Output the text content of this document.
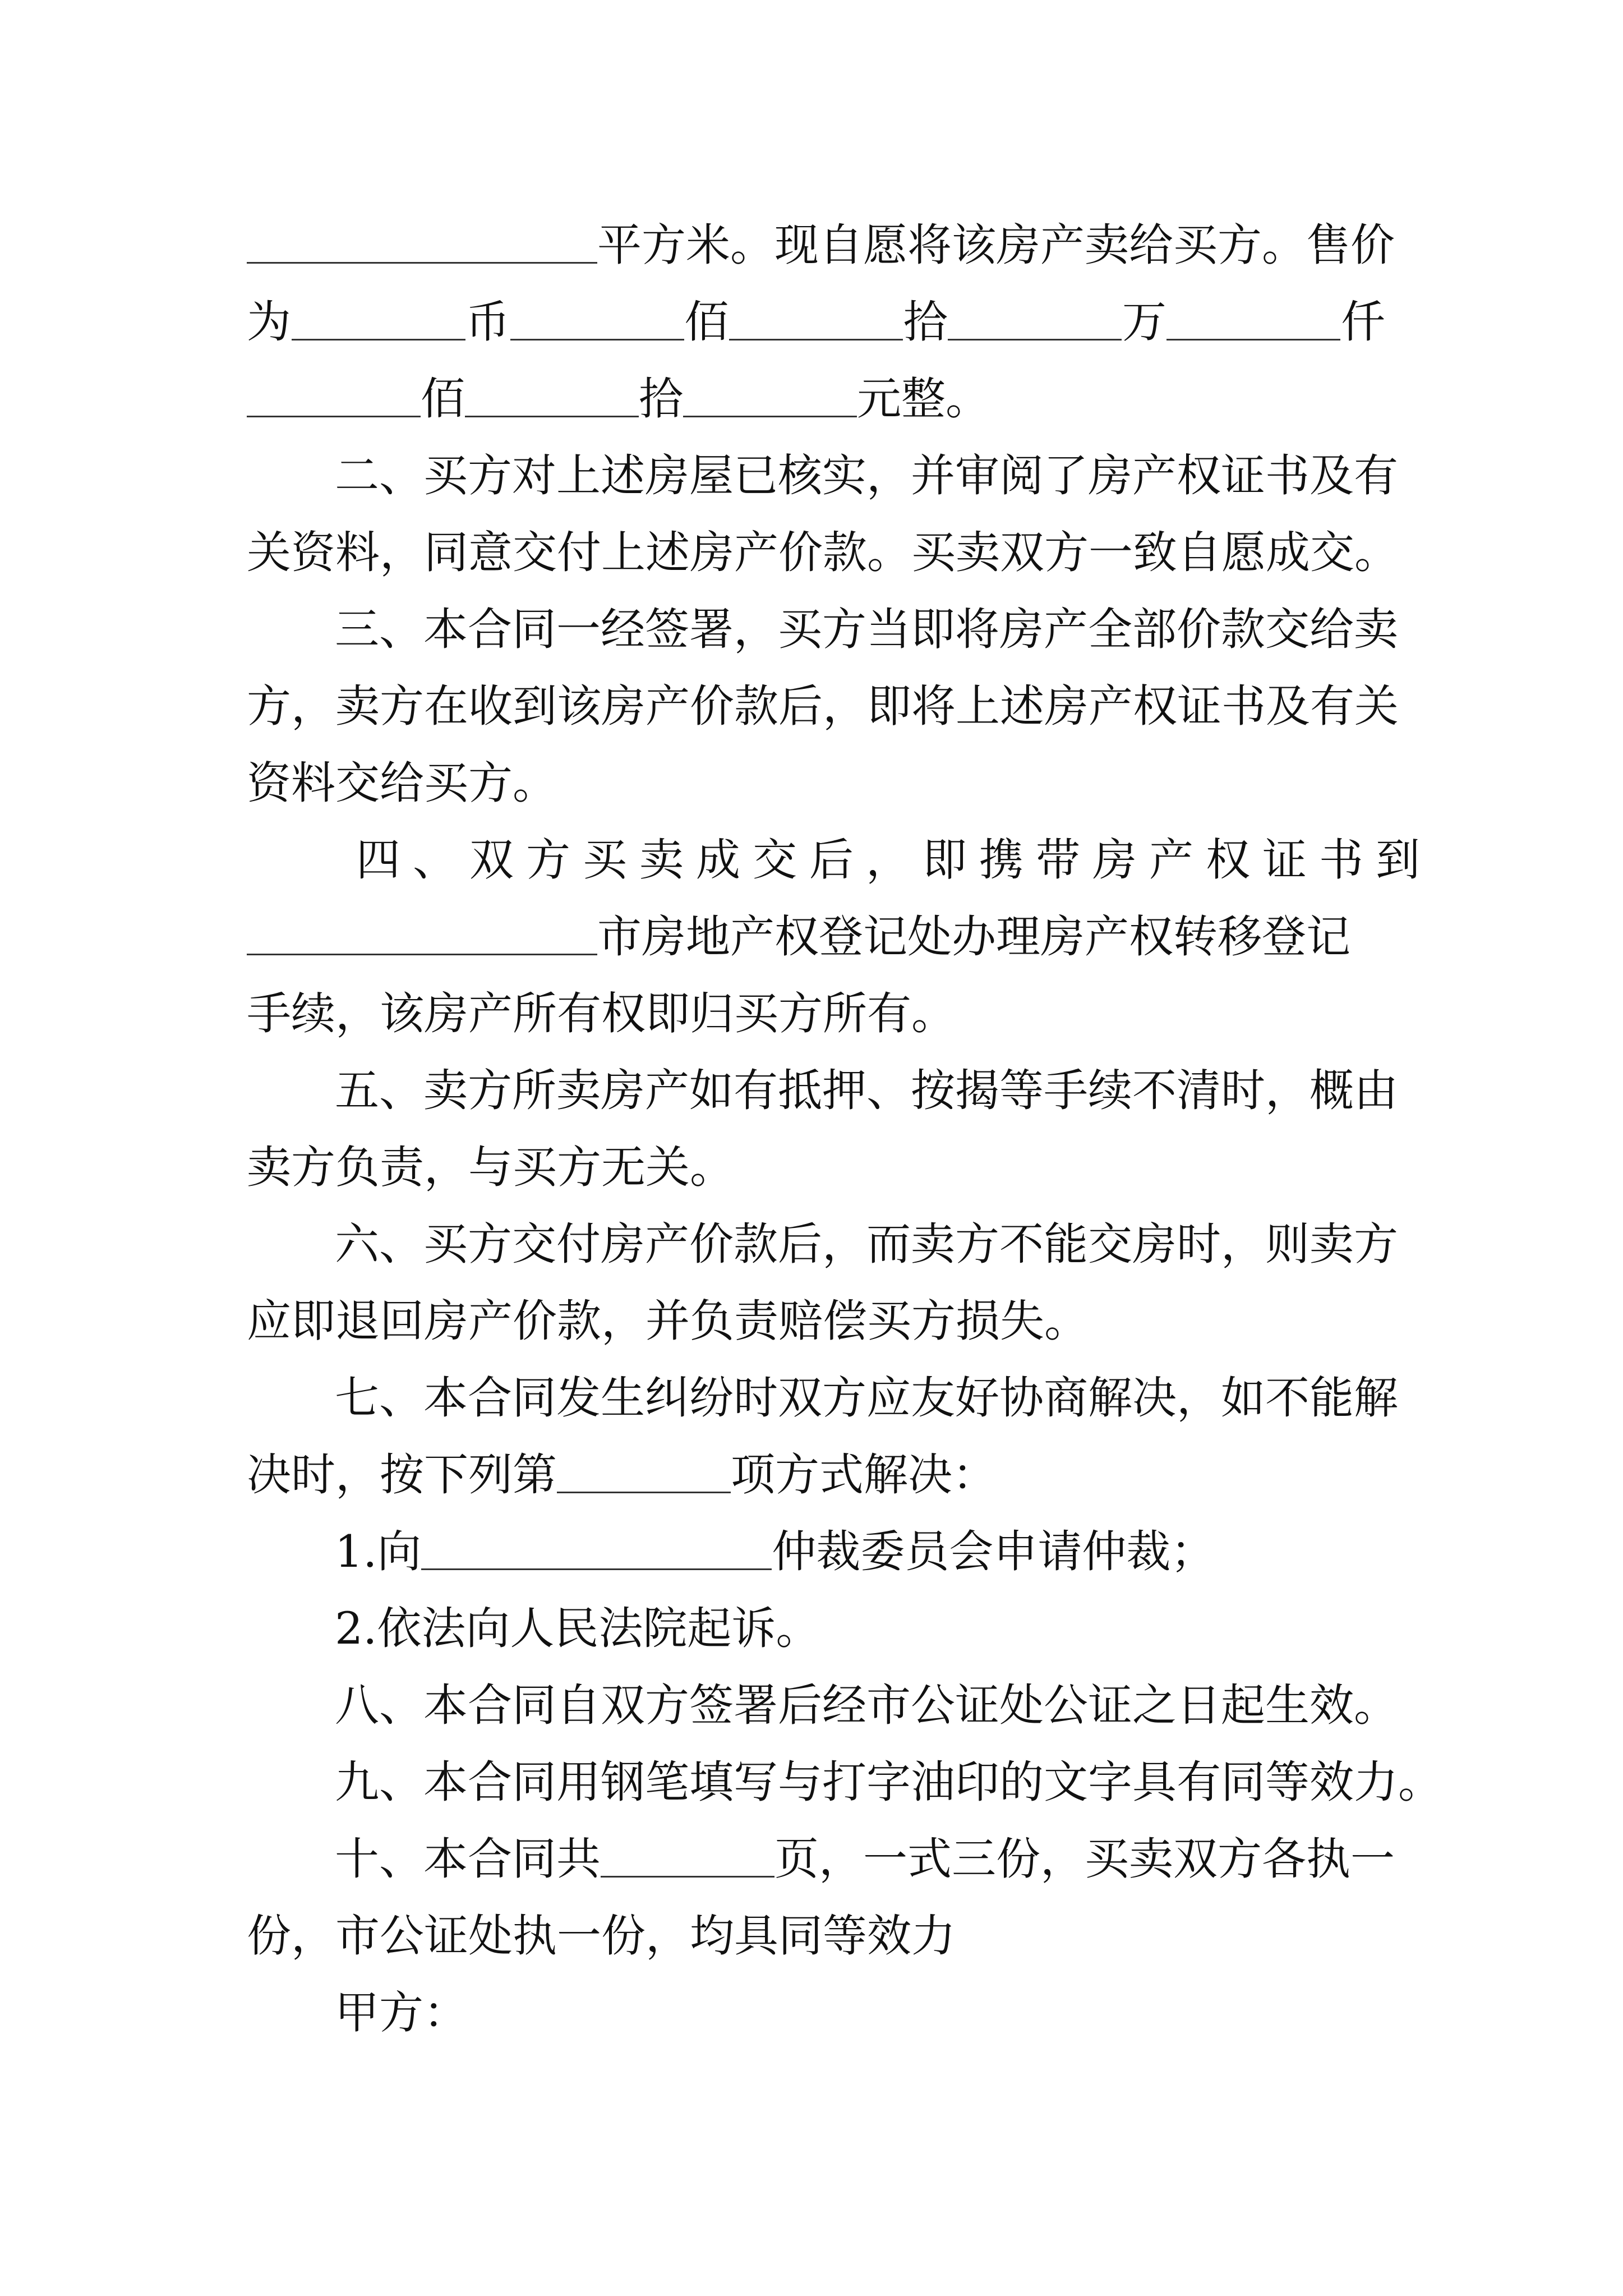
平方米。现自愿将该房产卖给买方。售价
为	币	佰	拾	万	仟
佰	拾	元整。
二、买方对上述房屋已核实，并审阅了房产权证书及有
关资料，同意交付上述房产价款。买卖双方一致自愿成交。
三、本合同一经签署，买方当即将房产全部价款交给卖
方，卖方在收到该房产价款后，即将上述房产权证书及有关
资料交给买方。
四、双方买卖成交后，即携带房产权证书到
市房地产权登记处办理房产权转移登记
手续，该房产所有权即归买方所有。
五、卖方所卖房产如有抵押、按揭等手续不清时，概由
卖方负责，与买方无关。
六、买方交付房产价款后，而卖方不能交房时，则卖方
应即退回房产价款，并负责赔偿买方损失。
七、本合同发生纠纷时双方应友好协商解决，如不能解
决时，按下列第	项方式解决：
1.向	仲裁委员会申请仲裁；
2.依法向人民法院起诉。
八、本合同自双方签署后经市公证处公证之日起生效。
九、本合同用钢笔填写与打字油印的文字具有同等效力。
十、本合同共	页，一式三份，买卖双方各执一
份，市公证处执一份，均具同等效力
甲方：
